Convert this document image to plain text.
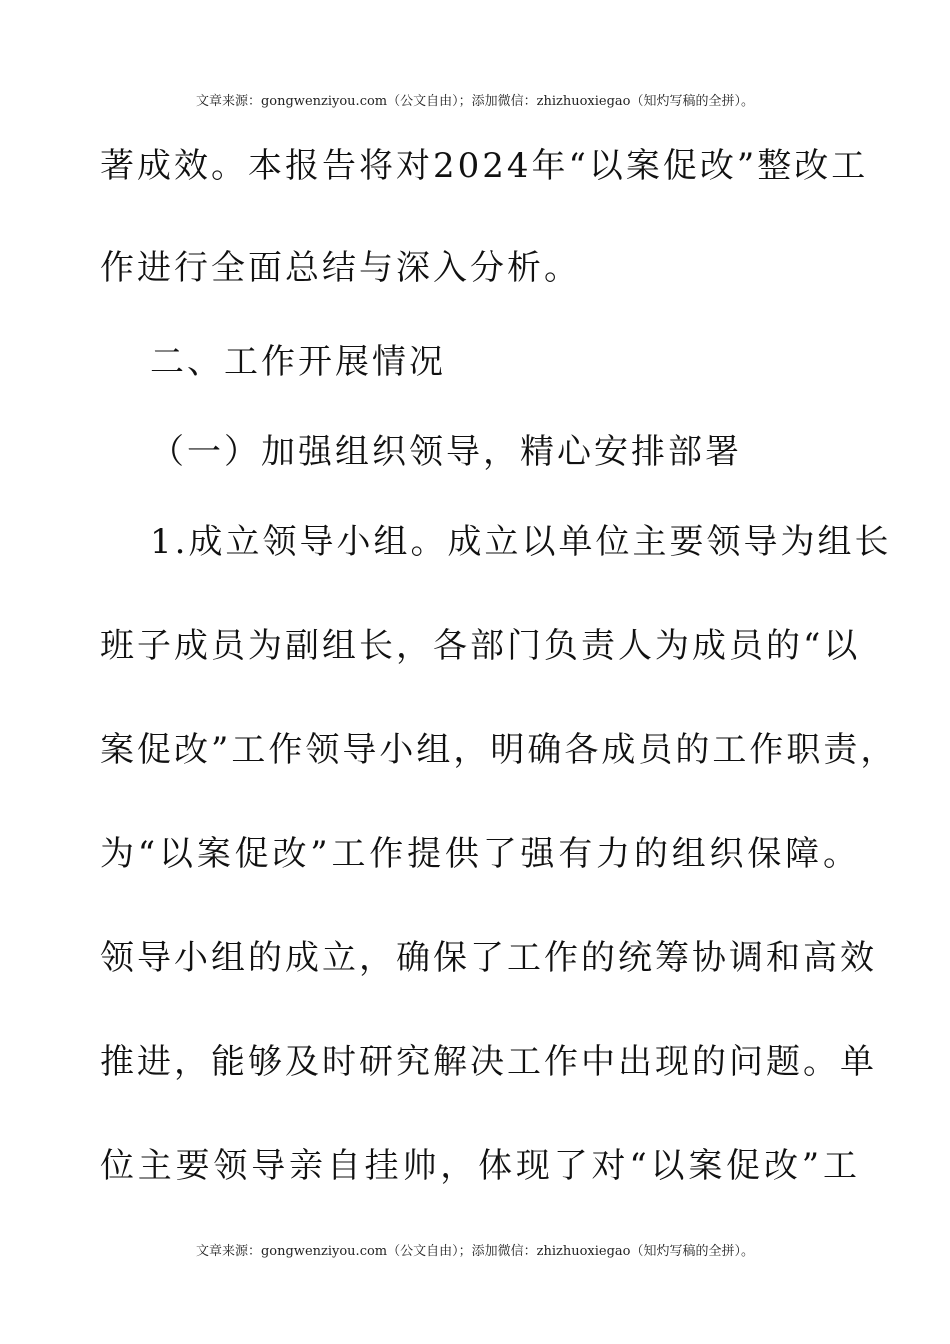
文章来源：gongwenziyou.com（公文自由）；添加微信：zhizhuoxiegao（知灼写稿的全拼）。
著成效。本报告将对2024年“以案促改”整改工
作进行全面总结与深入分析。
二、工作开展情况
（一）加强组织领导，精心安排部署
1.成立领导小组。成立以单位主要领导为组长
班子成员为副组长，各部门负责人为成员的“以
案促改”工作领导小组，明确各成员的工作职责，
为“以案促改”工作提供了强有力的组织保障。
领导小组的成立，确保了工作的统筹协调和高效
推进，能够及时研究解决工作中出现的问题。单
位主要领导亲自挂帅，体现了对“以案促改”工
文章来源：gongwenziyou.com（公文自由）；添加微信：zhizhuoxiegao（知灼写稿的全拼）。
